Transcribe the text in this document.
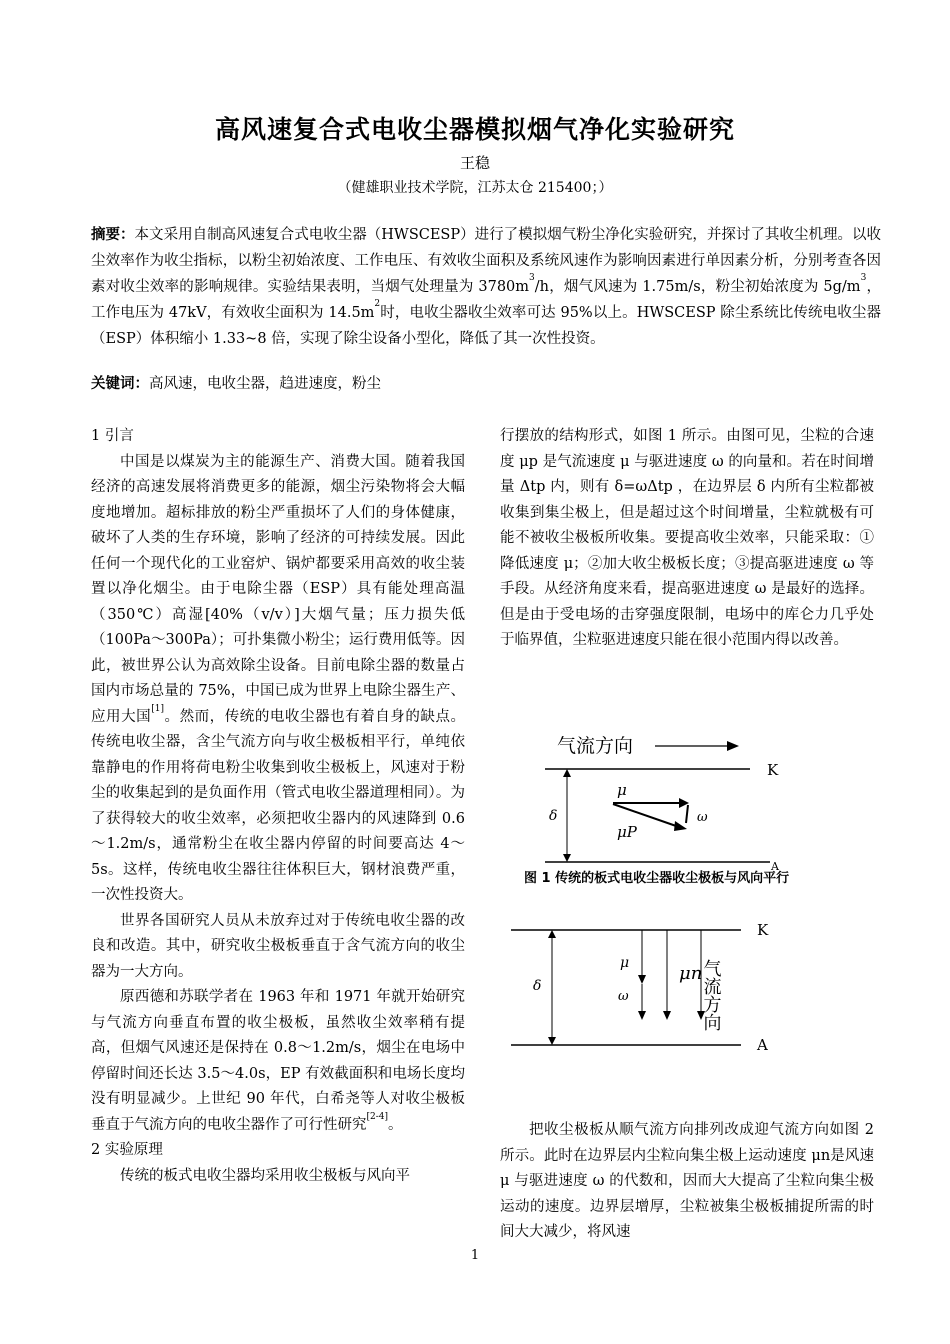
高风速复合式电收尘器模拟烟气净化实验研究
王稳
（健雄职业技术学院，江苏太仓 215400；）
摘要：本文采用自制高风速复合式电收尘器（HWSCESP）进行了模拟烟气粉尘净化实验研究，并探讨了其收尘机理。以收尘效率作为收尘指标，以粉尘初始浓度、工作电压、有效收尘面积及系统风速作为影响因素进行单因素分析，分别考查各因素对收尘效率的影响规律。实验结果表明，当烟气处理量为 $3780m^3/h$，烟气风速为 1.75m/s，粉尘初始浓度为 $5g/m^3$，工作电压为 47kV，有效收尘面积为 $14.5m^2$时，电收尘器收尘效率可达 95%以上。HWSCESP 除尘系统比传统电收尘器（ESP）体积缩小 1.33~8 倍，实现了除尘设备小型化，降低了其一次性投资。
关键词：高风速，电收尘器，趋进速度，粉尘

1 引言

中国是以煤炭为主的能源生产、消费大国。随着我国经济的高速发展将消费更多的能源，烟尘污染物将会大幅度地增加。超标排放的粉尘严重损坏了人们的身体健康，破坏了人类的生存环境，影响了经济的可持续发展。因此任何一个现代化的工业窑炉、锅炉都要采用高效的收尘装置以净化烟尘。由于电除尘器（ESP）具有能处理高温（350℃）高湿[40%（v/v）]大烟气量；压力损失低（100Pa～300Pa）；可扑集微小粉尘；运行费用低等。因此，被世界公认为高效除尘设备。目前电除尘器的数量占国内市场总量的 75%，中国已成为世界上电除尘器生产、应用大国[1]。然而，传统的电收尘器也有着自身的缺点。传统电收尘器，含尘气流方向与收尘极板相平行，单纯依靠静电的作用将荷电粉尘收集到收尘极板上，风速对于粉尘的收集起到的是负面作用（管式电收尘器道理相同）。为了获得较大的收尘效率，必须把收尘器内的风速降到 0.6～1.2m/s，通常粉尘在收尘器内停留的时间要高达 4～5s。这样，传统电收尘器往往体积巨大，钢材浪费严重，一次性投资大。

世界各国研究人员从未放弃过对于传统电收尘器的改良和改造。其中，研究收尘极板垂直于含气流方向的收尘器为一大方向。

原西德和苏联学者在 1963 年和 1971 年就开始研究与气流方向垂直布置的收尘极板，虽然收尘效率稍有提高，但烟气风速还是保持在 0.8～1.2m/s，烟尘在电场中停留时间还长达 3.5～4.0s，EP 有效截面积和电场长度均没有明显减少。上世纪 90 年代，白希尧等人对收尘极板垂直于气流方向的电收尘器作了可行性研究[2-4]。

2 实验原理

传统的板式电收尘器均采用收尘极板与风向平

行摆放的结构形式，如图 1 所示。由图可见，尘粒的合速度 μp 是气流速度 μ 与驱进速度 ω 的向量和。若在时间增量 Δtp 内，则有 δ=ωΔtp ，在边界层 δ 内所有尘粒都被收集到集尘极上，但是超过这个时间增量，尘粒就极有可能不被收尘极板所收集。要提高收尘效率，只能采取：①降低速度 μ；②加大收尘极板长度；③提高驱进速度 ω 等手段。从经济角度来看，提高驱进速度 ω 是最好的选择。但是由于受电场的击穿强度限制，电场中的库仑力几乎处于临界值，尘粒驱进速度只能在很小范围内得以改善。

气流方向
K
A
δ
μ
μP
ω
图 1 传统的板式电收尘器收尘极板与风向平行
K
A
δ
μ
ω
μn
气流方向

把收尘极板从顺气流方向排列改成迎气流方向如图 2 所示。此时在边界层内尘粒向集尘极上运动速度 μn是风速 μ 与驱进速度 ω 的代数和，因而大大提高了尘粒向集尘极运动的速度。边界层增厚，尘粒被集尘极板捕捉所需的时间大大减少，将风速

1
